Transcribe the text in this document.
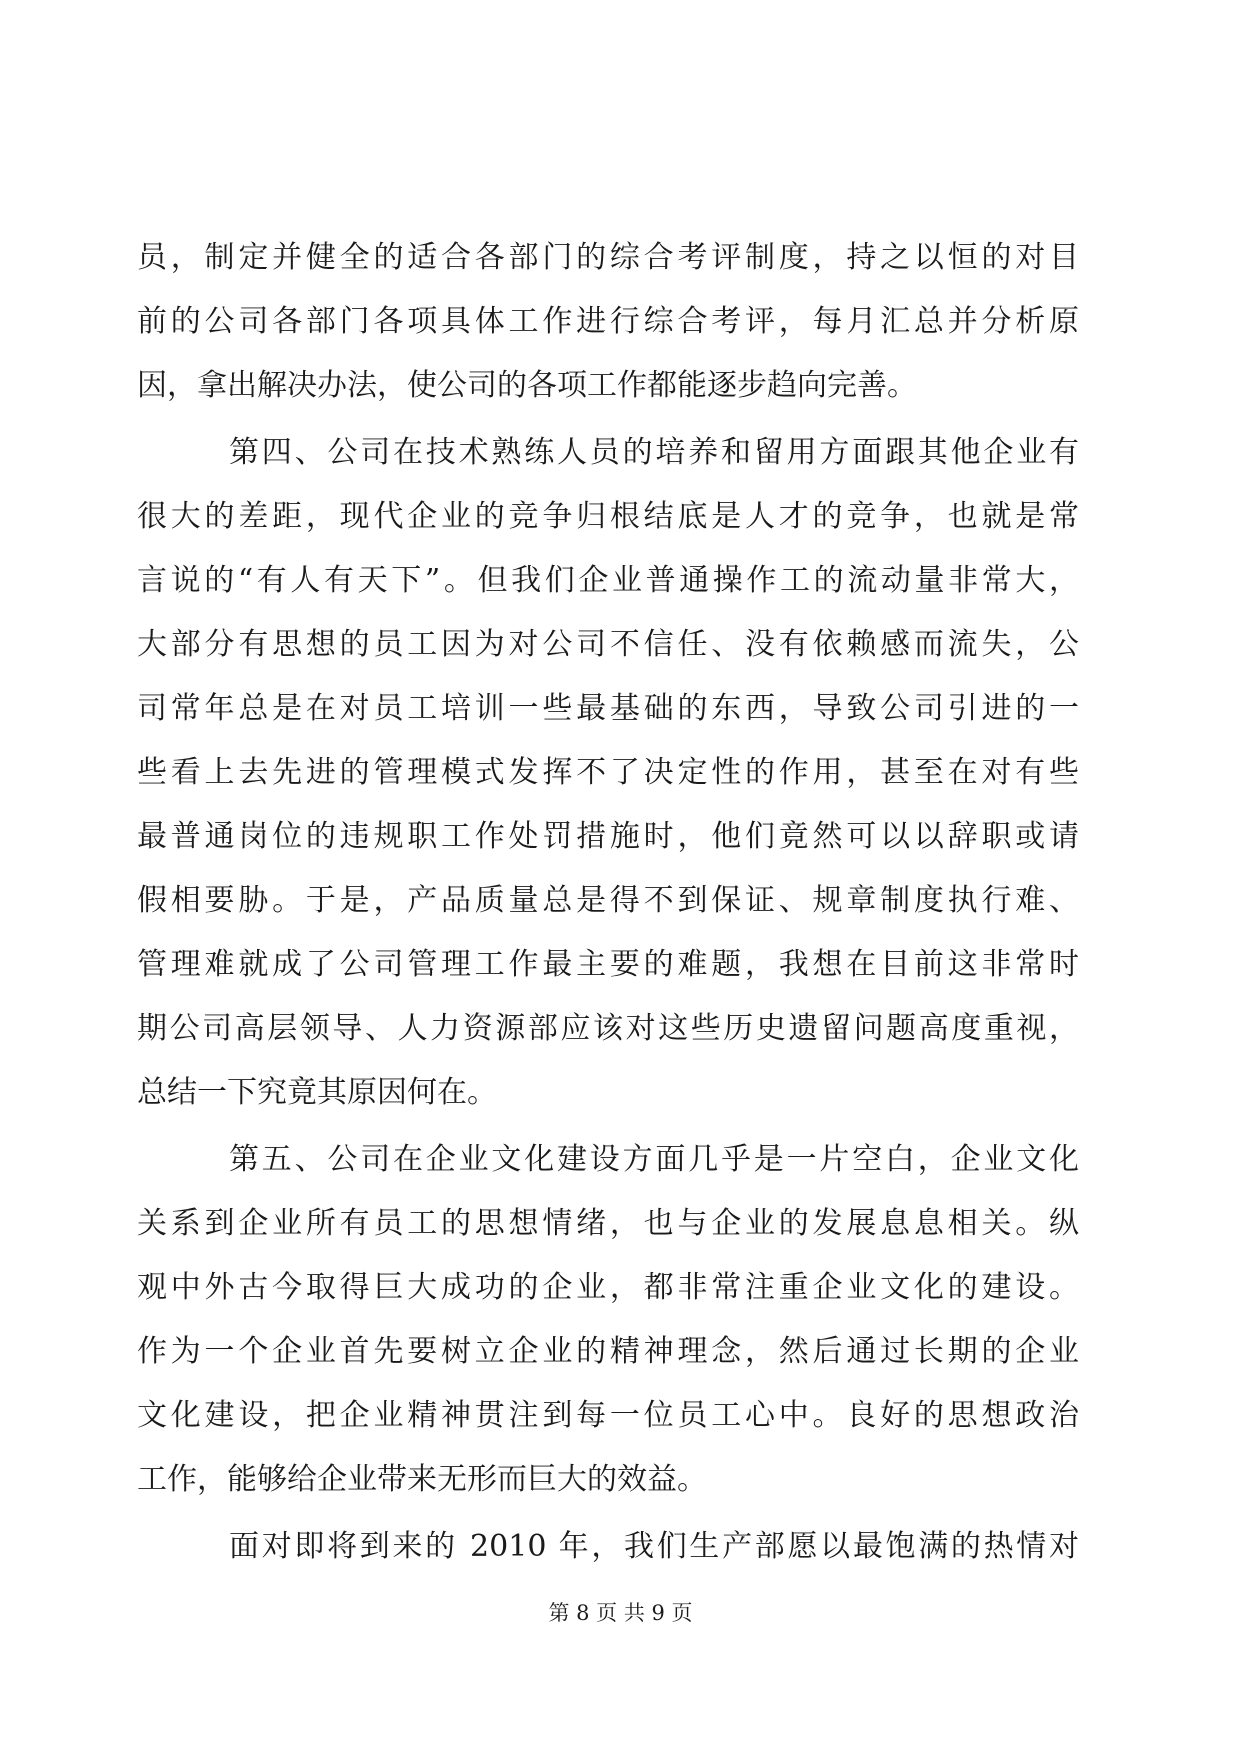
员，制定并健全的适合各部门的综合考评制度，持之以恒的对目
前的公司各部门各项具体工作进行综合考评，每月汇总并分析原
因，拿出解决办法，使公司的各项工作都能逐步趋向完善。
第四、公司在技术熟练人员的培养和留用方面跟其他企业有
很大的差距，现代企业的竞争归根结底是人才的竞争，也就是常
言说的“有人有天下”。但我们企业普通操作工的流动量非常大，
大部分有思想的员工因为对公司不信任、没有依赖感而流失，公
司常年总是在对员工培训一些最基础的东西，导致公司引进的一
些看上去先进的管理模式发挥不了决定性的作用，甚至在对有些
最普通岗位的违规职工作处罚措施时，他们竟然可以以辞职或请
假相要胁。于是，产品质量总是得不到保证、规章制度执行难、
管理难就成了公司管理工作最主要的难题，我想在目前这非常时
期公司高层领导、人力资源部应该对这些历史遗留问题高度重视，
总结一下究竟其原因何在。
第五、公司在企业文化建设方面几乎是一片空白，企业文化
关系到企业所有员工的思想情绪，也与企业的发展息息相关。纵
观中外古今取得巨大成功的企业，都非常注重企业文化的建设。
作为一个企业首先要树立企业的精神理念，然后通过长期的企业
文化建设，把企业精神贯注到每一位员工心中。良好的思想政治
工作，能够给企业带来无形而巨大的效益。
面对即将到来的 2010 年，我们生产部愿以最饱满的热情对
第 8 页 共 9 页
